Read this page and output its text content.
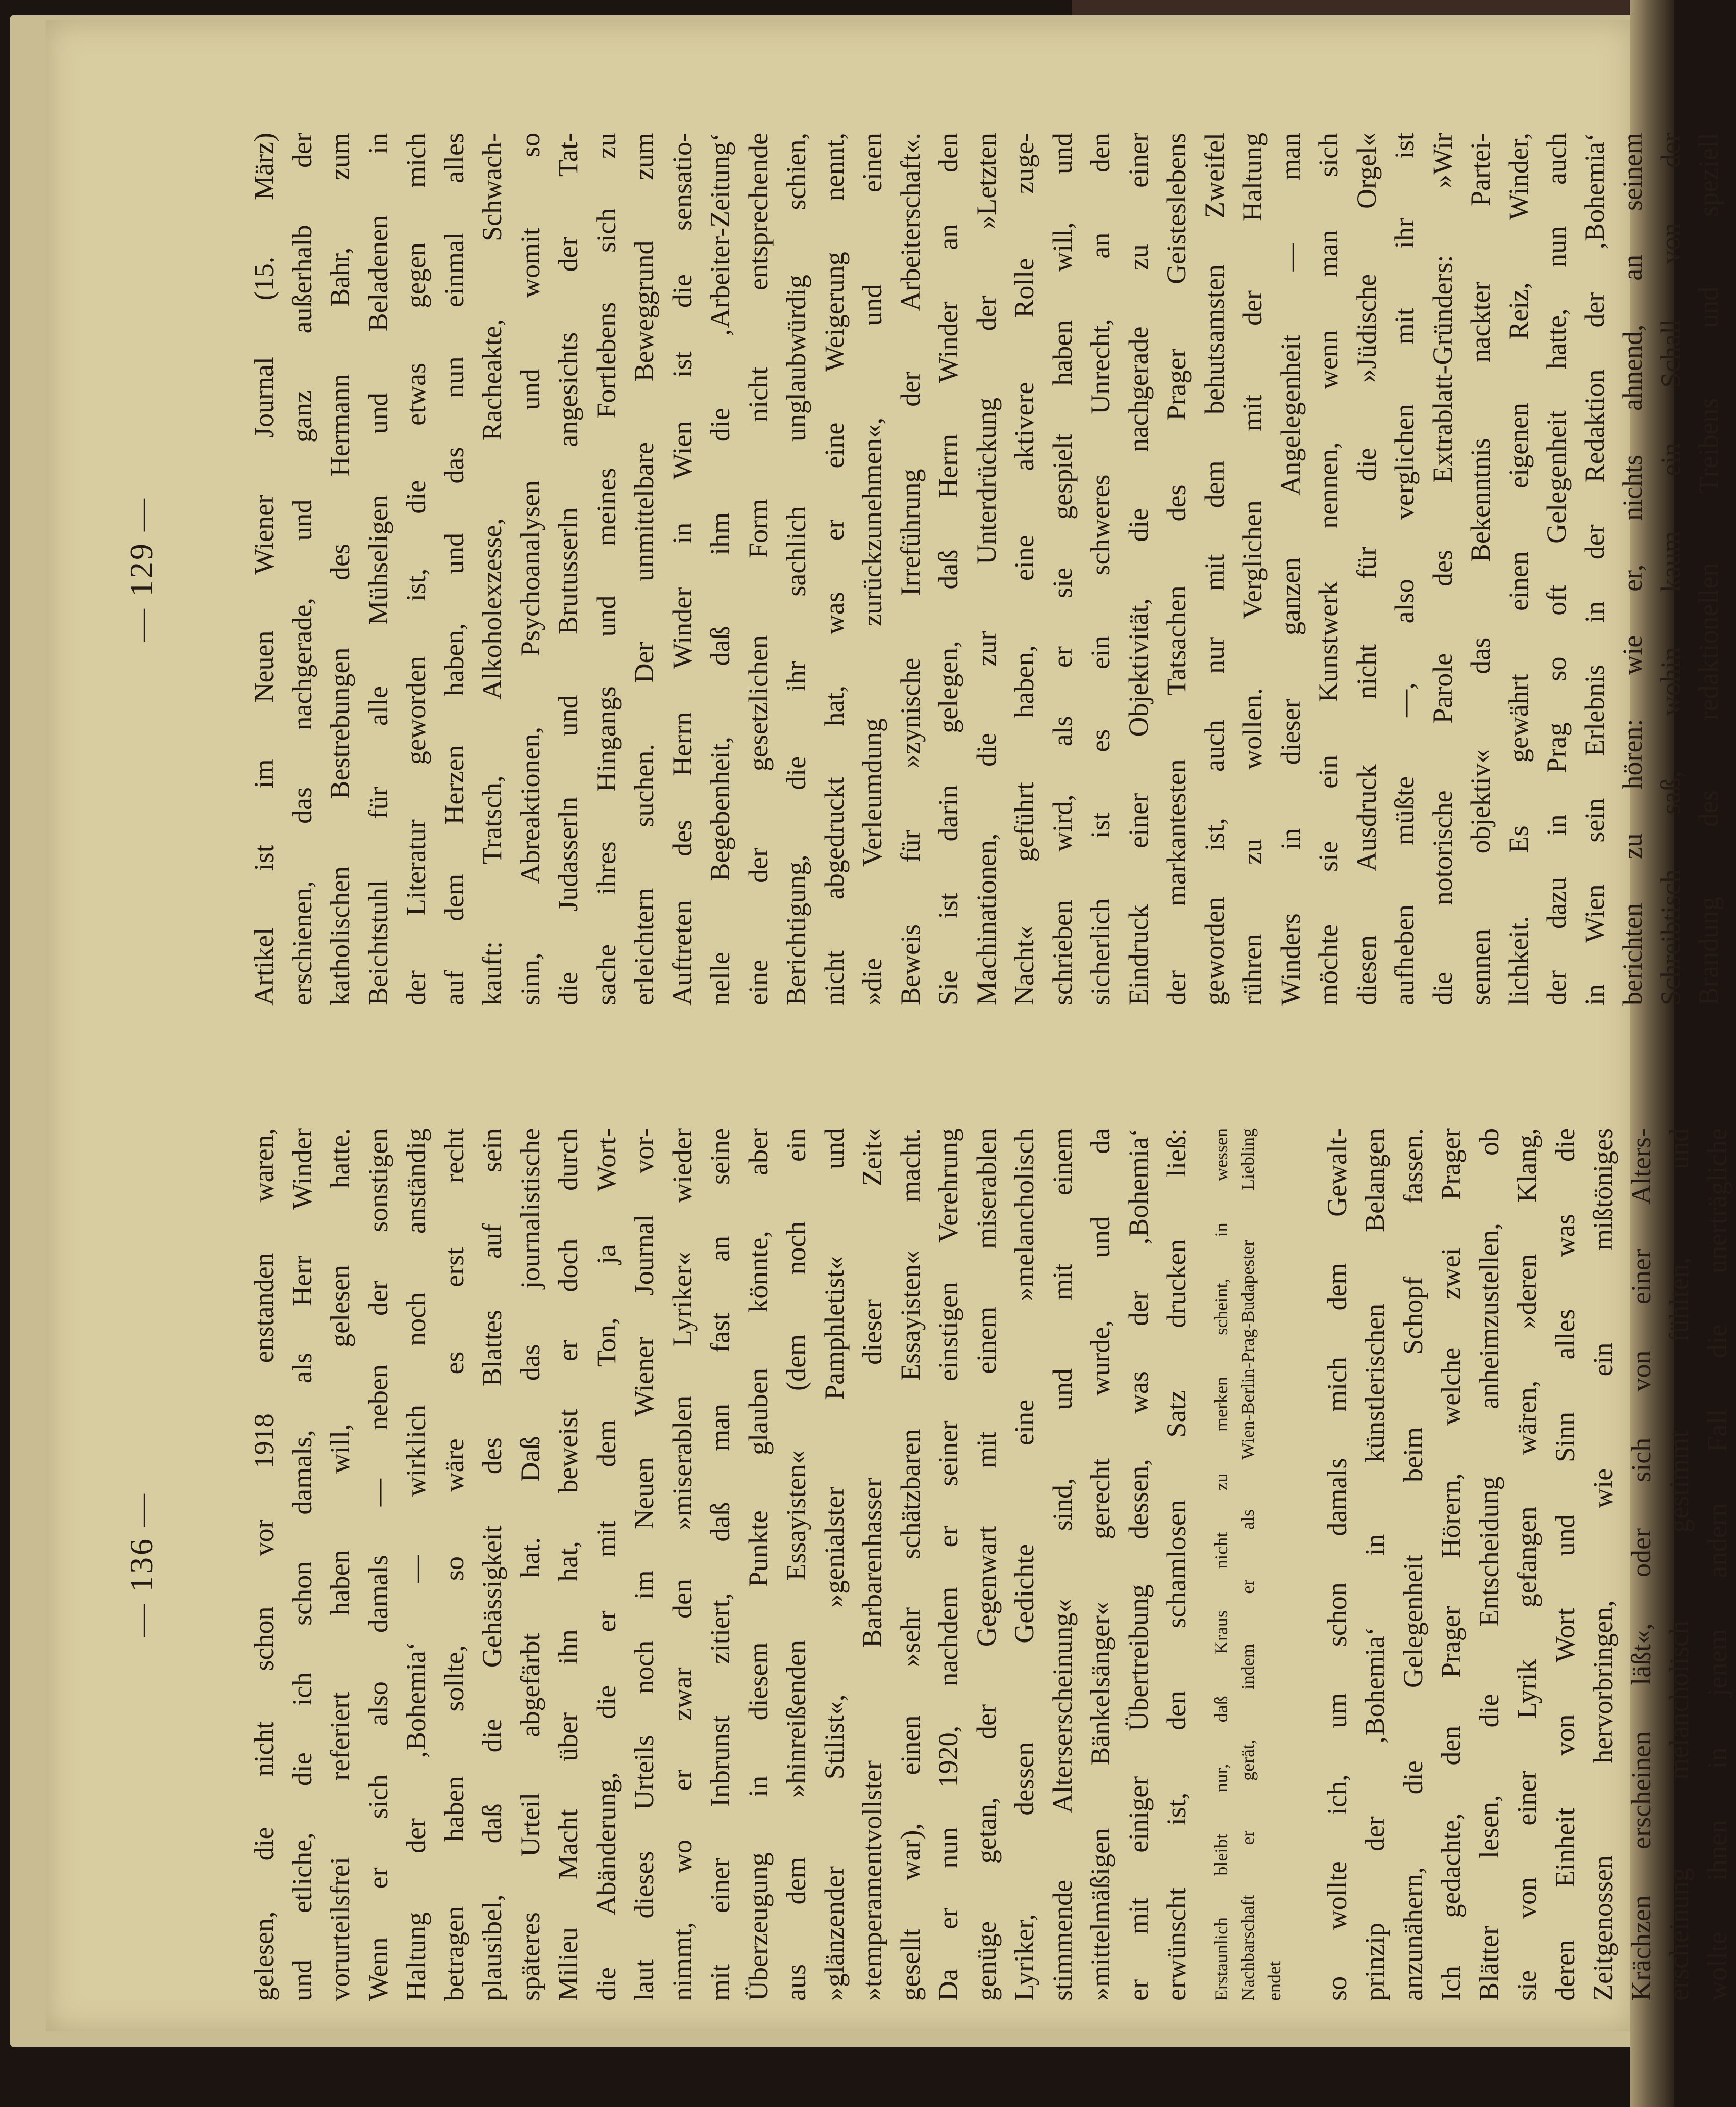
— 136 —	gelesen, die nicht schon vor 1918 enstanden waren, und etliche, die ich schon damals, als Herr Winder vorurteilsfrei referiert haben will, gelesen hatte. Wenn er sich also damals — neben der sonstigen Haltung der ‚Bohemia‘ — wirklich noch anständig betragen haben sollte, so wäre es erst recht plausibel, daß die Gehässigkeit des Blattes auf sein späteres Urteil abgefärbt hat. Daß das journalistische Milieu Macht über ihn hat, beweist er doch durch die Abänderung, die er mit dem Ton, ja Wort- laut dieses Urteils noch im Neuen Wiener Journal vor- nimmt, wo er zwar den »miserablen Lyriker« wieder mit einer Inbrunst zitiert, daß man fast an seine Überzeugung in diesem Punkte glauben könnte, aber aus dem »hinreißenden Essayisten« (dem noch ein »glänzender Stilist«, »genialster Pamphletist« und »temperamentvollster Barbarenhasser dieser Zeit« gesellt war), einen »sehr schätzbaren Essayisten« macht. Da er nun 1920, nachdem er seiner einstigen Verehrung genüge getan, der Gegenwart mit einem miserablen Lyriker, dessen Gedichte eine »melancholisch stimmende Alterserscheinung« sind, und mit einem »mittelmäßigen Bänkelsänger« gerecht wurde, und da er mit einiger Übertreibung dessen, was der ‚Bohemia‘ erwünscht ist, den schamlosen Satz drucken ließ: Erstaunlich bleibt nur, daß Kraus nicht zu merken scheint, in wessen Nachbarschaft er gerät, indem er als Wien-Berlin-Prag-Budapester Liebling endet so wollte ich, um schon damals mich dem Gewalt- prinzip der ‚Bohemia‘ in künstlerischen Belangen anzunähern, die Gelegenheit beim Schopf fassen. Ich gedachte, den Prager Hörern, welche zwei Prager Blätter lesen, die Entscheidung anheimzustellen, ob sie von einer Lyrik gefangen wären, »deren Klang, deren Einheit von Wort und Sinn alles was die Zeitgenossen hervorbringen, wie ein mißtöniges Krächzen erscheinen läßt«, oder sich von einer Alters- erscheinung melancholisch gestimmt fühlten, und wollte ihnen in jenem andern Fall die unerträgliche
— 129 —	Artikel ist im Neuen Wiener Journal (15. März) erschienen, das nachgerade, und ganz außerhalb der katholischen Bestrebungen des Hermann Bahr, zum Beichtstuhl für alle Mühseligen und Beladenen in der Literatur geworden ist, die etwas gegen mich auf dem Herzen haben, und das nun einmal alles kauft: Tratsch, Alkoholexzesse, Racheakte, Schwach- sinn, Abreaktionen, Psychoanalysen und womit so die Judasserln und Brutusserln angesichts der Tat- sache ihres Hingangs und meines Fortlebens sich zu erleichtern suchen. Der unmittelbare Beweggrund zum Auftreten des Herrn Winder in Wien ist die sensatio- nelle Begebenheit, daß ihm die ‚Arbeiter-Zeitung‘ eine der gesetzlichen Form nicht entsprechende Berichtigung, die ihr sachlich unglaubwürdig schien, nicht abgedruckt hat, was er eine Weigerung nennt, »die Verleumdung zurückzunehmen«, und einen Beweis für »zynische Irreführung der Arbeiterschaft«. Sie ist darin gelegen, daß Herrn Winder an den Machinationen, die zur Unterdrückung der »Letzten Nacht« geführt haben, eine aktivere Rolle zuge- schrieben wird, als er sie gespielt haben will, und sicherlich ist es ein schweres Unrecht, an den Eindruck einer Objektivität, die nachgerade zu einer der markantesten Tatsachen des Prager Geisteslebens geworden ist, auch nur mit dem behutsamsten Zweifel rühren zu wollen. Verglichen mit der Haltung Winders in dieser ganzen Angelegenheit — man möchte sie ein Kunstwerk nennen, wenn man sich diesen Ausdruck nicht für die »Jüdische Orgel« aufheben müßte —, also verglichen mit ihr ist die notorische Parole des Extrablatt-Gründers: »Wir sennen objektiv« das Bekenntnis nackter Partei- lichkeit. Es gewährt einen eigenen Reiz, Winder, der dazu in Prag so oft Gelegenheit hatte, nun auch in Wien sein Erlebnis in der Redaktion der ‚Bohemia‘ berichten zu hören: wie er, nichts ahnend, an seinem Schreibtisch saß, wohin kaum ein Schall von der Brandung des redaktionellen Treibens und speziell
